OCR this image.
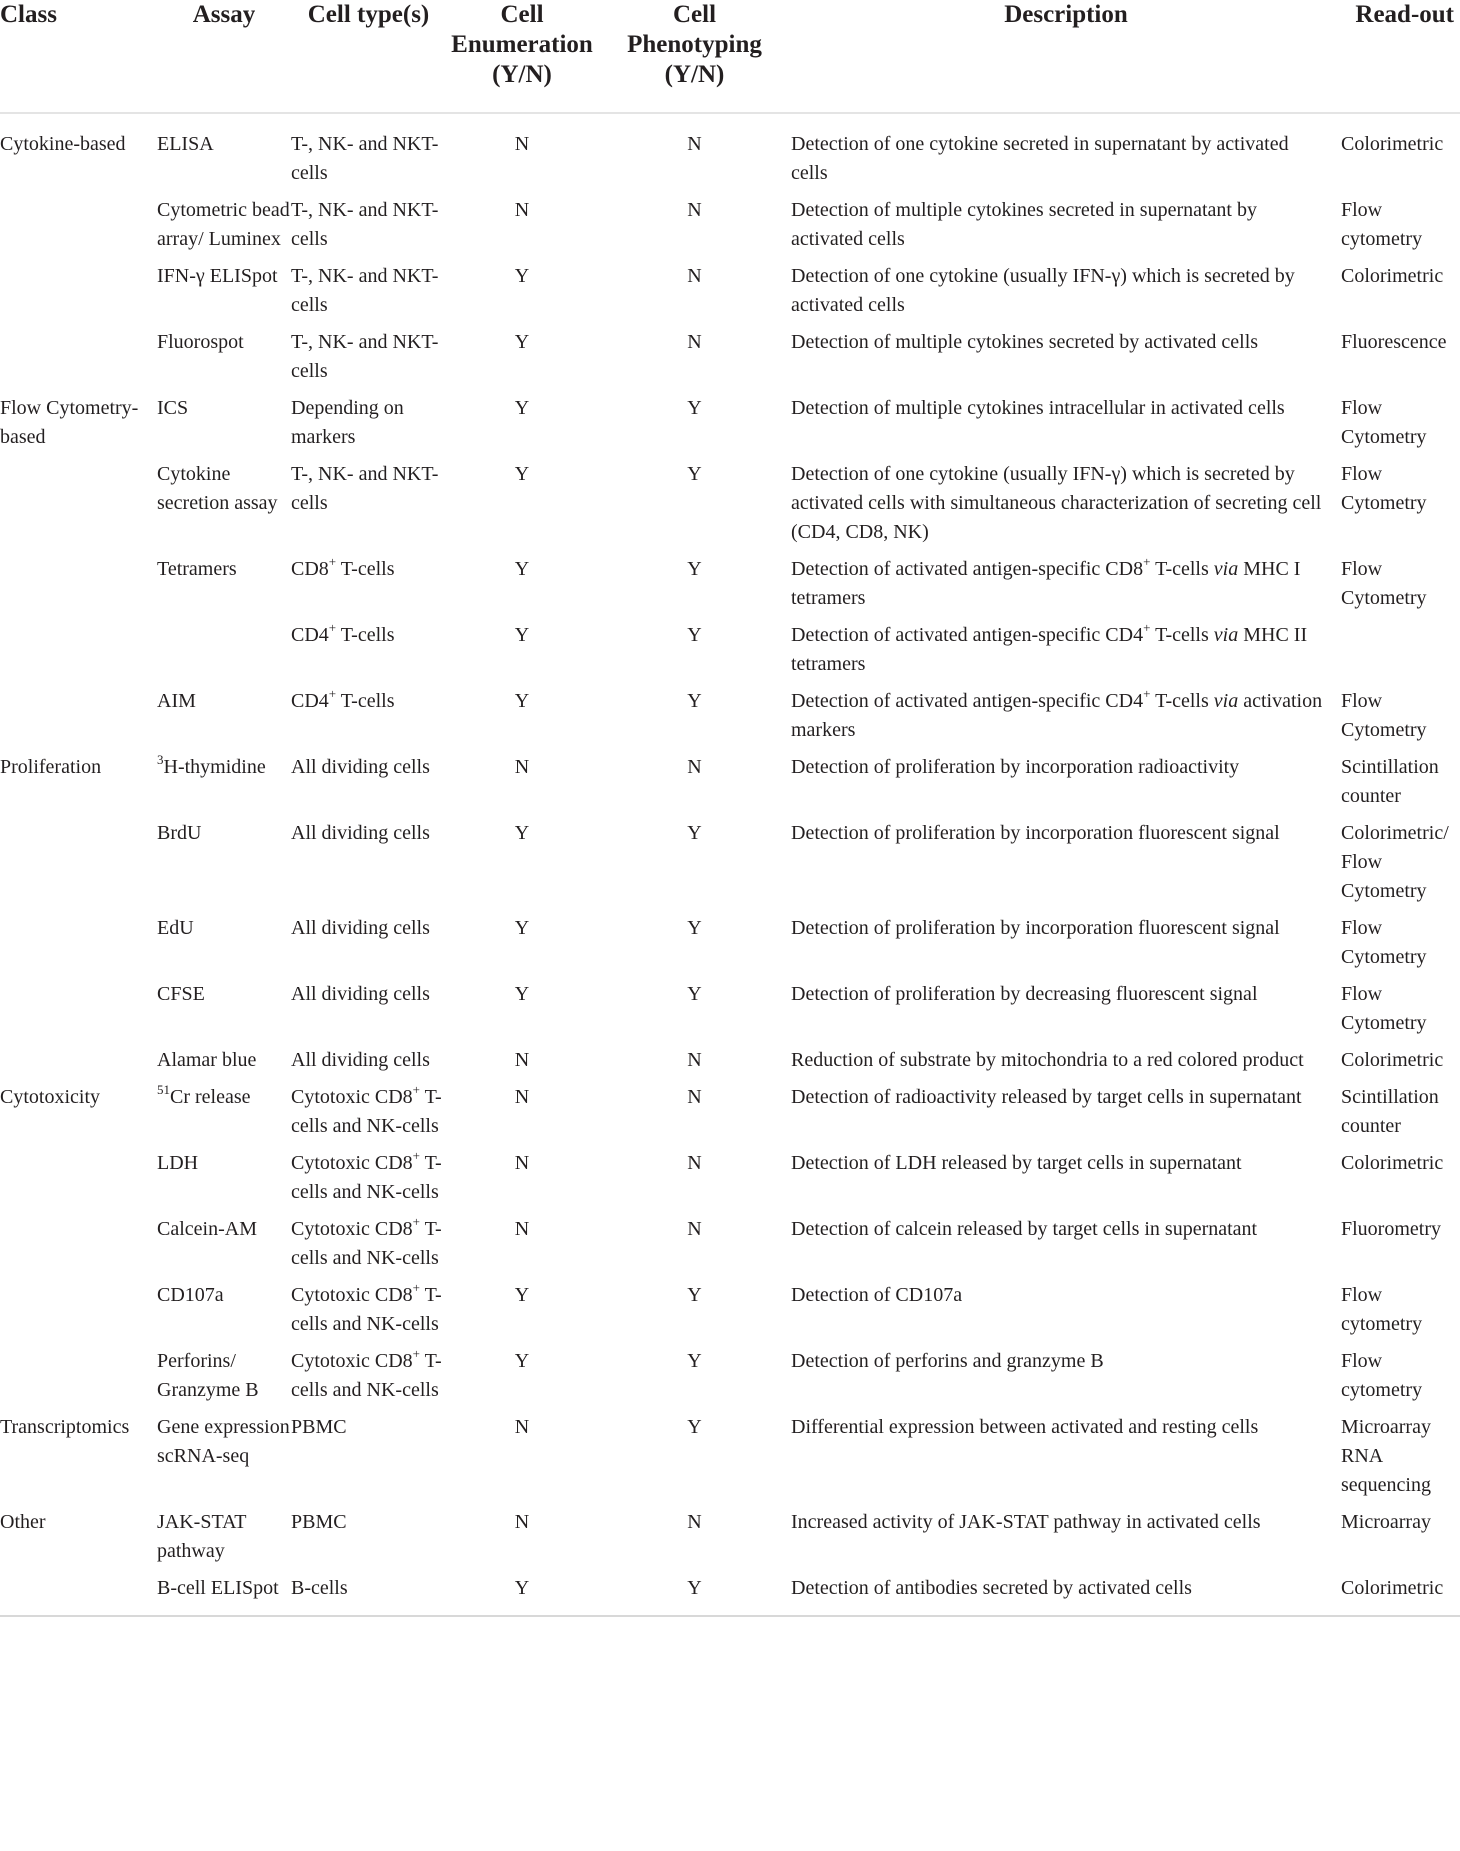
Class	Assay	Cell type(s)	Cell
Enumeration
(Y/N)	Cell
Phenotyping
(Y/N)	Description	Read-out
Cytokine-based	ELISA	T-, NK- and NKT-cells	N	N	Detection of one cytokine secreted in supernatant by activated cells	Colorimetric
	Cytometric bead array/ Luminex	T-, NK- and NKT-cells	N	N	Detection of multiple cytokines secreted in supernatant by activated cells	Flow cytometry
	IFN-γ ELISpot	T-, NK- and NKT-cells	Y	N	Detection of one cytokine (usually IFN-γ) which is secreted by activated cells	Colorimetric
	Fluorospot	T-, NK- and NKT-cells	Y	N	Detection of multiple cytokines secreted by activated cells	Fluorescence
Flow Cytometry-based	ICS	Depending on markers	Y	Y	Detection of multiple cytokines intracellular in activated cells	Flow Cytometry
	Cytokine secretion assay	T-, NK- and NKT-cells	Y	Y	Detection of one cytokine (usually IFN-γ) which is secreted by activated cells with simultaneous characterization of secreting cell (CD4, CD8, NK)	Flow Cytometry
	Tetramers	CD8+ T-cells	Y	Y	Detection of activated antigen-specific CD8+ T-cells via MHC I tetramers	Flow Cytometry
		CD4+ T-cells	Y	Y	Detection of activated antigen-specific CD4+ T-cells via MHC II tetramers	
	AIM	CD4+ T-cells	Y	Y	Detection of activated antigen-specific CD4+ T-cells via activation markers	Flow Cytometry
Proliferation	$^3$H-thymidine	All dividing cells	N	N	Detection of proliferation by incorporation radioactivity	Scintillation counter
	BrdU	All dividing cells	Y	Y	Detection of proliferation by incorporation fluorescent signal	Colorimetric/ Flow Cytometry
	EdU	All dividing cells	Y	Y	Detection of proliferation by incorporation fluorescent signal	Flow Cytometry
	CFSE	All dividing cells	Y	Y	Detection of proliferation by decreasing fluorescent signal	Flow Cytometry
	Alamar blue	All dividing cells	N	N	Reduction of substrate by mitochondria to a red colored product	Colorimetric
Cytotoxicity	$^{51}$Cr release	Cytotoxic CD8+ T-cells and NK-cells	N	N	Detection of radioactivity released by target cells in supernatant	Scintillation counter
	LDH	Cytotoxic CD8+ T-cells and NK-cells	N	N	Detection of LDH released by target cells in supernatant	Colorimetric
	Calcein-AM	Cytotoxic CD8+ T-cells and NK-cells	N	N	Detection of calcein released by target cells in supernatant	Fluorometry
	CD107a	Cytotoxic CD8+ T-cells and NK-cells	Y	Y	Detection of CD107a	Flow cytometry
	Perforins/ Granzyme B	Cytotoxic CD8+ T-cells and NK-cells	Y	Y	Detection of perforins and granzyme B	Flow cytometry
Transcriptomics	Gene expression scRNA-seq	PBMC	N	Y	Differential expression between activated and resting cells	Microarray RNA sequencing
Other	JAK-STAT pathway	PBMC	N	N	Increased activity of JAK-STAT pathway in activated cells	Microarray
	B-cell ELISpot	B-cells	Y	Y	Detection of antibodies secreted by activated cells	Colorimetric
